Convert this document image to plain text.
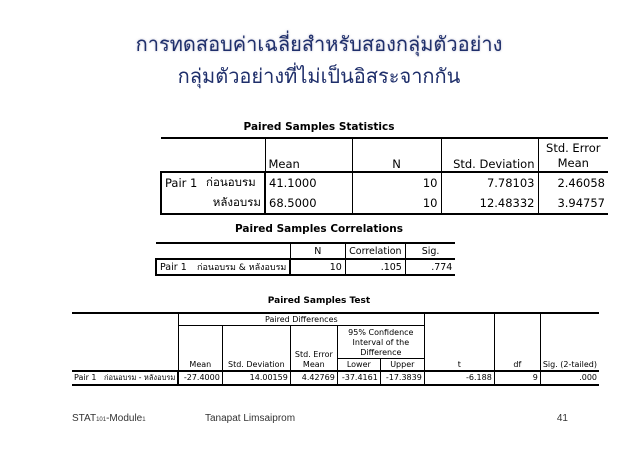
การทดสอบค่าเฉลี่ยสำหรับสองกลุ่มตัวอย่าง
กลุ่มตัวอย่างที่ไม่เป็นอิสระจากกัน
Paired Samples Statistics
		Mean	N	Std. Deviation	Std. Error
Mean

Pair 1	ก่อนอบรม	41.1000	10	7.78103	2.46058
	หลังอบรม	68.5000	10	12.48332	3.94757
Paired Samples Correlations
		N	Correlation	Sig.
Pair 1	ก่อนอบรม & หลังอบรม	10	.105	.774
Paired Samples Test
		Paired Differences							

				Std. Error	95% Confidence
Interval of the
Difference				

		Mean	Std. Deviation	Mean	Lower	Upper	t	df	Sig. (2-tailed)
Pair 1	ก่อนอบรม - หลังอบรม	-27.4000	14.00159	4.42769	-37.4161	-17.3839	-6.188	9	.000
STAT101-Module1	Tanapat Limsaiprom	41
